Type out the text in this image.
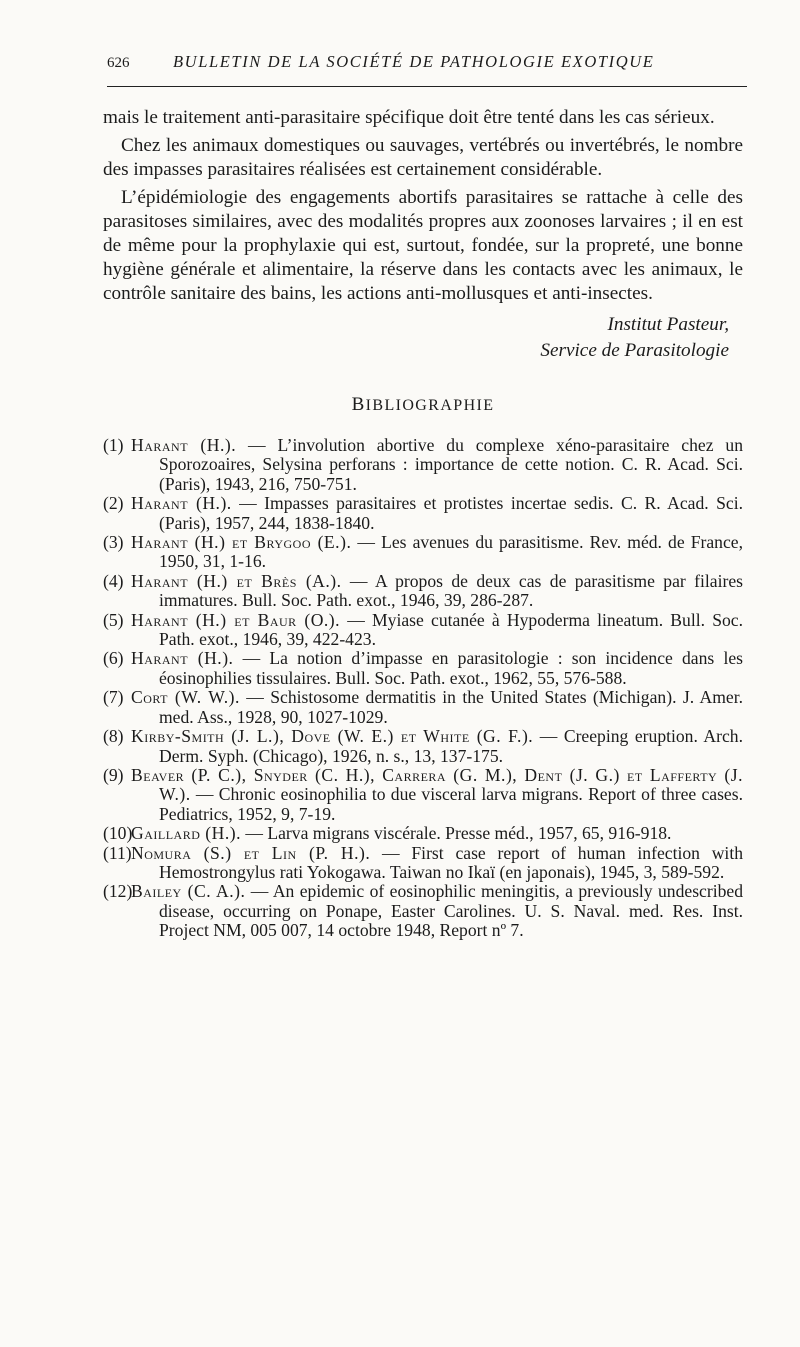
626	BULLETIN DE LA SOCIÉTÉ DE PATHOLOGIE EXOTIQUE

mais le traitement anti-parasitaire spécifique doit être tenté dans les cas sérieux.

Chez les animaux domestiques ou sauvages, vertébrés ou invertébrés, le nombre des impasses parasitaires réalisées est certainement considérable.

L’épidémiologie des engagements abortifs parasitaires se rattache à celle des parasitoses similaires, avec des modalités propres aux zoonoses larvaires ; il en est de même pour la prophylaxie qui est, surtout, fondée, sur la propreté, une bonne hygiène générale et alimentaire, la réserve dans les contacts avec les animaux, le contrôle sanitaire des bains, les actions anti-mollusques et anti-insectes.

Institut Pasteur,
Service de Parasitologie
BIBLIOGRAPHIE
(1) Harant (H.). — L’involution abortive du complexe xéno-parasitaire chez un Sporozoaires, Selysina perforans : importance de cette notion. C. R. Acad. Sci. (Paris), 1943, 216, 750-751.
(2) Harant (H.). — Impasses parasitaires et protistes incertae sedis. C. R. Acad. Sci. (Paris), 1957, 244, 1838-1840.
(3) Harant (H.) et Brygoo (E.). — Les avenues du parasitisme. Rev. méd. de France, 1950, 31, 1-16.
(4) Harant (H.) et Brès (A.). — A propos de deux cas de parasitisme par filaires immatures. Bull. Soc. Path. exot., 1946, 39, 286-287.
(5) Harant (H.) et Baur (O.). — Myiase cutanée à Hypoderma lineatum. Bull. Soc. Path. exot., 1946, 39, 422-423.
(6) Harant (H.). — La notion d’impasse en parasitologie : son incidence dans les éosinophilies tissulaires. Bull. Soc. Path. exot., 1962, 55, 576-588.
(7) Cort (W. W.). — Schistosome dermatitis in the United States (Michigan). J. Amer. med. Ass., 1928, 90, 1027-1029.
(8) Kirby-Smith (J. L.), Dove (W. E.) et White (G. F.). — Creeping eruption. Arch. Derm. Syph. (Chicago), 1926, n. s., 13, 137-175.
(9) Beaver (P. C.), Snyder (C. H.), Carrera (G. M.), Dent (J. G.) et Lafferty (J. W.). — Chronic eosinophilia to due visceral larva migrans. Report of three cases. Pediatrics, 1952, 9, 7-19.
(10)Gaillard (H.). — Larva migrans viscérale. Presse méd., 1957, 65, 916-918.
(11)Nomura (S.) et Lin (P. H.). — First case report of human infection with Hemostrongylus rati Yokogawa. Taiwan no Ikaï (en japonais), 1945, 3, 589-592.
(12)Bailey (C. A.). — An epidemic of eosinophilic meningitis, a previously undescribed disease, occurring on Ponape, Easter Carolines. U. S. Naval. med. Res. Inst. Project NM, 005 007, 14 octobre 1948, Report nº 7.
